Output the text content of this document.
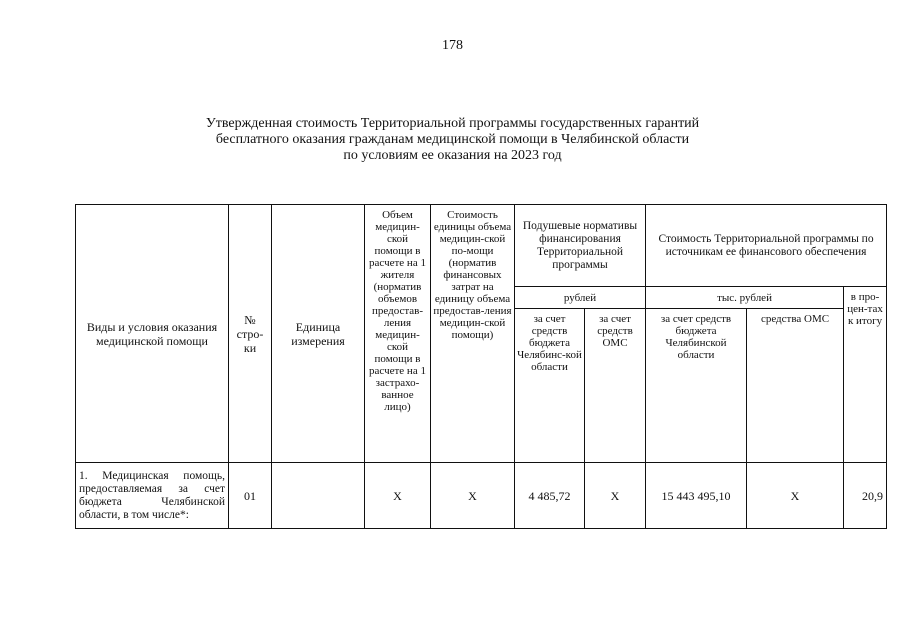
178
Утвержденная стоимость Территориальной программы государственных гарантий
бесплатного оказания гражданам медицинской помощи в Челябинской области
по условиям ее оказания на 2023 год
Виды и условия оказания медицинской помощи	№ стро-ки	Единица измерения	Объем медицин-ской помощи в расчете на 1 жителя (норматив объемов предостав-ления медицин-ской помощи в расчете на 1 застрахо-ванное лицо)	Стоимость единицы объема медицин-ской по-мощи (норматив финансовых затрат на единицу объема предостав-ления медицин-ской помощи)	Подушевые нормативы финансирования Территориальной программы		Стоимость Территориальной программы по источникам ее финансового обеспечения		
					рублей		тыс. рублей		в про-цен-тах к итогу
					за счет средств бюджета Челябинс-кой области	за счет средств ОМС	за счет средств бюджета Челябинской области	средства ОМС	
1. Медицинская помощь, предоставляемая за счет бюджета Челябинской области, в том числе*:	01		X	X	4 485,72	X	15 443 495,10	X	20,9
